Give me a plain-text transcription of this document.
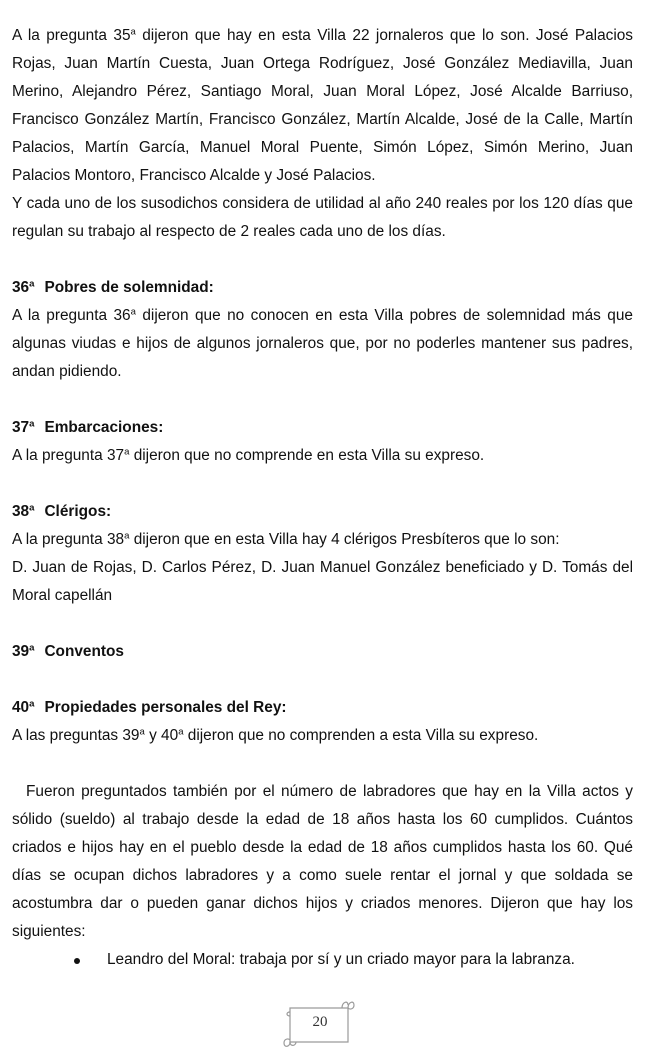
A la pregunta 35$^a$ dijeron que hay en esta Villa 22 jornaleros que lo son. José Palacios Rojas, Juan Martín Cuesta, Juan Ortega Rodríguez, José González Mediavilla, Juan Merino, Alejandro Pérez, Santiago Moral, Juan Moral López, José Alcalde Barriuso, Francisco González Martín, Francisco González, Martín Alcalde, José de la Calle, Martín Palacios, Martín García, Manuel Moral Puente, Simón López, Simón Merino, Juan Palacios Montoro, Francisco Alcalde y José Palacios.

Y cada uno de los susodichos considera de utilidad al año 240 reales por los 120 días que regulan su trabajo al respecto de 2 reales cada uno de los días.

36$^a$ Pobres de solemnidad:

A la pregunta 36$^a$ dijeron que no conocen en esta Villa pobres de solemnidad más que algunas viudas e hijos de algunos jornaleros que, por no poderles mantener sus padres, andan pidiendo.

37$^a$ Embarcaciones:

A la pregunta 37$^a$ dijeron que no comprende en esta Villa su expreso.

38$^a$ Clérigos:

A la pregunta 38$^a$ dijeron que en esta Villa hay 4 clérigos Presbíteros que lo son:

D. Juan de Rojas, D. Carlos Pérez, D. Juan Manuel González beneficiado y D. Tomás del Moral capellán

39$^a$ Conventos
40$^a$ Propiedades personales del Rey:

A las preguntas 39$^a$ y 40$^a$ dijeron que no comprenden a esta Villa su expreso.

Fueron preguntados también por el número de labradores que hay en la Villa actos y sólido (sueldo) al trabajo desde la edad de 18 años hasta los 60 cumplidos. Cuántos criados e hijos hay en el pueblo desde la edad de 18 años cumplidos hasta los 60. Qué días se ocupan dichos labradores y a como suele rentar el jornal y que soldada se acostumbra dar o pueden ganar dichos hijos y criados menores. Dijeron que hay los siguientes:

Leandro del Moral: trabaja por sí y un criado mayor para la labranza.
20
